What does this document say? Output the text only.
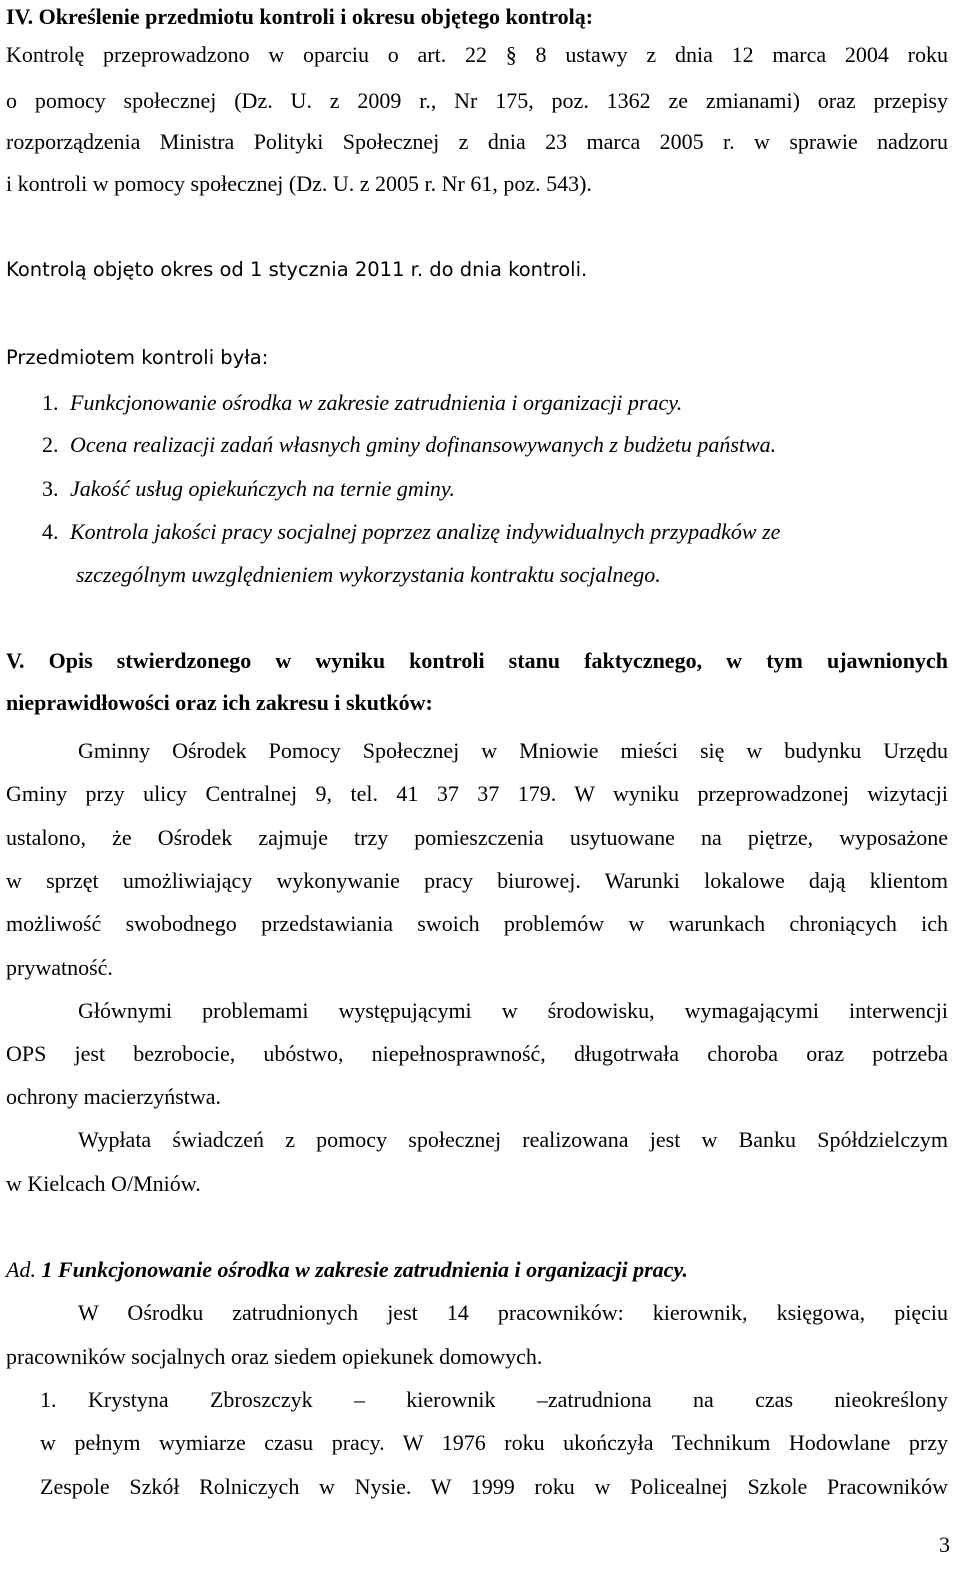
IV. Określenie przedmiotu kontroli i okresu objętego kontrolą:
Kontrolę przeprowadzono w oparciu o art. 22 § 8 ustawy z dnia 12 marca 2004 roku
o pomocy społecznej (Dz. U. z 2009 r., Nr 175, poz. 1362 ze zmianami) oraz przepisy
rozporządzenia Ministra Polityki Społecznej z dnia 23 marca 2005 r. w sprawie nadzoru
i kontroli w pomocy społecznej (Dz. U. z 2005 r. Nr 61, poz. 543).
Kontrolą objęto okres od 1 stycznia 2011 r. do dnia kontroli.
Przedmiotem kontroli była:
1. Funkcjonowanie ośrodka w zakresie zatrudnienia i organizacji pracy.
2. Ocena realizacji zadań własnych gminy dofinansowywanych z budżetu państwa.
3. Jakość usług opiekuńczych na ternie gminy.
4. Kontrola jakości pracy socjalnej poprzez analizę indywidualnych przypadków ze
szczególnym uwzględnieniem wykorzystania kontraktu socjalnego.
V. Opis stwierdzonego w wyniku kontroli stanu faktycznego, w tym ujawnionych
nieprawidłowości oraz ich zakresu i skutków:
Gminny Ośrodek Pomocy Społecznej w Mniowie mieści się w budynku Urzędu
Gminy przy ulicy Centralnej 9, tel. 41 37 37 179. W wyniku przeprowadzonej wizytacji
ustalono, że Ośrodek zajmuje trzy pomieszczenia usytuowane na piętrze, wyposażone
w sprzęt umożliwiający wykonywanie pracy biurowej. Warunki lokalowe dają klientom
możliwość swobodnego przedstawiania swoich problemów w warunkach chroniących ich
prywatność.
Głównymi problemami występującymi w środowisku, wymagającymi interwencji
OPS jest bezrobocie, ubóstwo, niepełnosprawność, długotrwała choroba oraz potrzeba
ochrony macierzyństwa.
Wypłata świadczeń z pomocy społecznej realizowana jest w Banku Spółdzielczym
w Kielcach O/Mniów.
Ad. 1 Funkcjonowanie ośrodka w zakresie zatrudnienia i organizacji pracy.
W Ośrodku zatrudnionych jest 14 pracowników: kierownik, księgowa, pięciu
pracowników socjalnych oraz siedem opiekunek domowych.
1.	Krystyna Zbroszczyk – kierownik –zatrudniona na czas nieokreślony
w pełnym wymiarze czasu pracy. W 1976 roku ukończyła Technikum Hodowlane przy
Zespole Szkół Rolniczych w Nysie. W 1999 roku w Policealnej Szkole Pracowników
3
